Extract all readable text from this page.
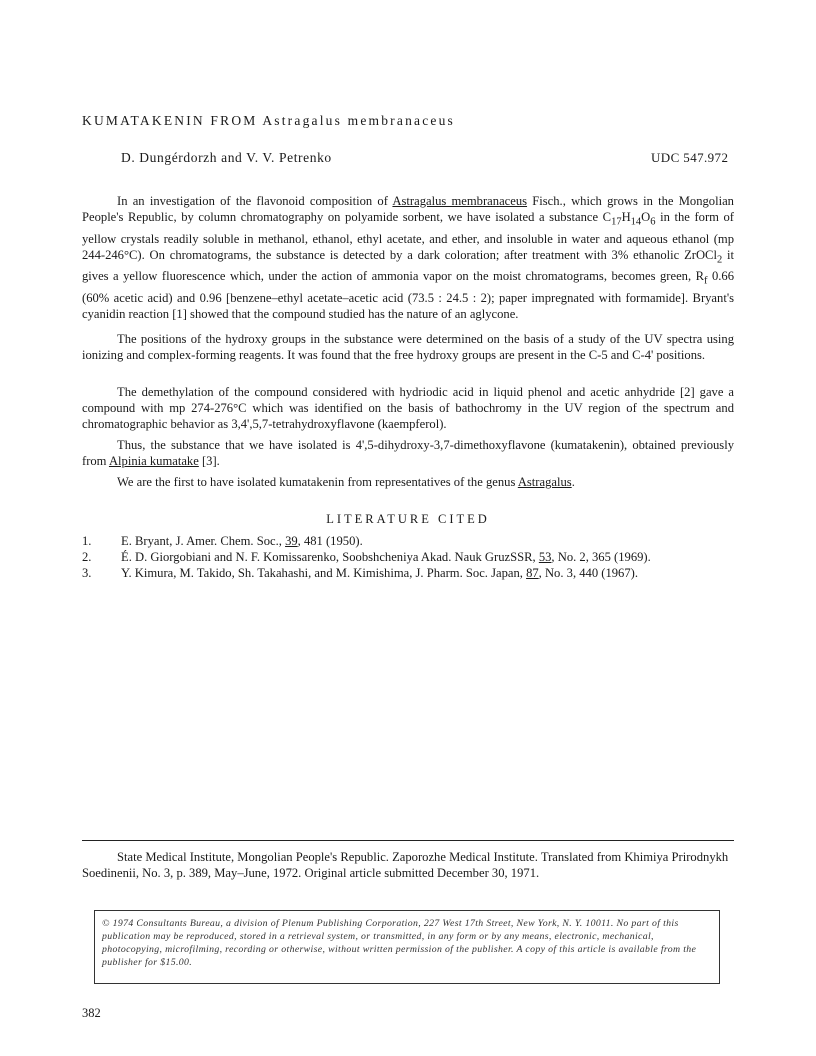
KUMATAKENIN FROM Astragalus membranaceus
D. Dungérdorzh and V. V. Petrenko	UDC 547.972

In an investigation of the flavonoid composition of Astragalus membranaceus Fisch., which grows in the Mongolian People's Republic, by column chromatography on polyamide sorbent, we have isolated a substance $C_{17}H_{14}O_6$ in the form of yellow crystals readily soluble in methanol, ethanol, ethyl acetate, and ether, and insoluble in water and aqueous ethanol (mp 244-246°C). On chromatograms, the substance is detected by a dark coloration; after treatment with 3% ethanolic ZrOCl$_2$ it gives a yellow fluorescence which, under the action of ammonia vapor on the moist chromatograms, becomes green, $R_f$ 0.66 (60% acetic acid) and 0.96 [benzene–ethyl acetate–acetic acid (73.5 : 24.5 : 2); paper impregnated with formamide]. Bryant's cyanidin reaction [1] showed that the compound studied has the nature of an aglycone.

The positions of the hydroxy groups in the substance were determined on the basis of a study of the UV spectra using ionizing and complex-forming reagents. It was found that the free hydroxy groups are present in the C-5 and C-4' positions.

The demethylation of the compound considered with hydriodic acid in liquid phenol and acetic anhydride [2] gave a compound with mp 274-276°C which was identified on the basis of bathochromy in the UV region of the spectrum and chromatographic behavior as 3,4',5,7-tetrahydroxyflavone (kaempferol).

Thus, the substance that we have isolated is 4',5-dihydroxy-3,7-dimethoxyflavone (kumatakenin), obtained previously from Alpinia kumatake [3].

We are the first to have isolated kumatakenin from representatives of the genus Astragalus.

LITERATURE CITED
1.	E. Bryant, J. Amer. Chem. Soc., 39, 481 (1950).
2.	É. D. Giorgobiani and N. F. Komissarenko, Soobshcheniya Akad. Nauk GruzSSR, 53, No. 2, 365 (1969).
3.	Y. Kimura, M. Takido, Sh. Takahashi, and M. Kimishima, J. Pharm. Soc. Japan, 87, No. 3, 440 (1967).
State Medical Institute, Mongolian People's Republic. Zaporozhe Medical Institute. Translated from Khimiya Prirodnykh Soedinenii, No. 3, p. 389, May–June, 1972. Original article submitted December 30, 1971.
© 1974 Consultants Bureau, a division of Plenum Publishing Corporation, 227 West 17th Street, New York, N. Y. 10011. No part of this publication may be reproduced, stored in a retrieval system, or transmitted, in any form or by any means, electronic, mechanical, photocopying, microfilming, recording or otherwise, without written permission of the publisher. A copy of this article is available from the publisher for $15.00.
382
